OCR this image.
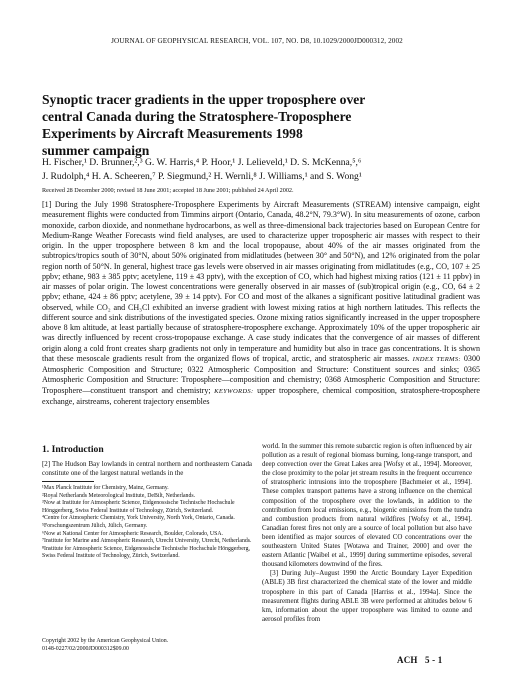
JOURNAL OF GEOPHYSICAL RESEARCH, VOL. 107, NO. D8, 10.1029/2000JD000312, 2002
Synoptic tracer gradients in the upper troposphere over
central Canada during the Stratosphere-Troposphere
Experiments by Aircraft Measurements 1998
summer campaign
H. Fischer,¹ D. Brunner,²,³ G. W. Harris,⁴ P. Hoor,¹ J. Lelieveld,¹ D. S. McKenna,⁵,⁶
J. Rudolph,⁴ H. A. Scheeren,⁷ P. Siegmund,² H. Wernli,⁸ J. Williams,¹ and S. Wong¹
Received 28 December 2000; revised 18 June 2001; accepted 18 June 2001; published 24 April 2002.
[1] During the July 1998 Stratosphere-Troposphere Experiments by Aircraft Measurements (STREAM) intensive campaign, eight measurement flights were conducted from Timmins airport (Ontario, Canada, 48.2°N, 79.3°W). In situ measurements of ozone, carbon monoxide, carbon dioxide, and nonmethane hydrocarbons, as well as three-dimensional back trajectories based on European Centre for Medium-Range Weather Forecasts wind field analyses, are used to characterize upper tropospheric air masses with respect to their origin. In the upper troposphere between 8 km and the local tropopause, about 40% of the air masses originated from the subtropics/tropics south of 30°N, about 50% originated from midlatitudes (between 30° and 50°N), and 12% originated from the polar region north of 50°N. In general, highest trace gas levels were observed in air masses originating from midlatitudes (e.g., CO, 107 ± 25 ppbv; ethane, 983 ± 385 pptv; acetylene, 119 ± 43 pptv), with the exception of CO, which had highest mixing ratios (121 ± 11 ppbv) in air masses of polar origin. The lowest concentrations were generally observed in air masses of (sub)tropical origin (e.g., CO, 64 ± 2 ppbv; ethane, 424 ± 86 pptv; acetylene, 39 ± 14 pptv). For CO and most of the alkanes a significant positive latitudinal gradient was observed, while CO₂ and CH₃Cl exhibited an inverse gradient with lowest mixing ratios at high northern latitudes. This reflects the different source and sink distributions of the investigated species. Ozone mixing ratios significantly increased in the upper troposphere above 8 km altitude, at least partially because of stratosphere-troposphere exchange. Approximately 10% of the upper tropospheric air was directly influenced by recent cross-tropopause exchange. A case study indicates that the convergence of air masses of different origin along a cold front creates sharp gradients not only in temperature and humidity but also in trace gas concentrations. It is shown that these mesoscale gradients result from the organized flows of tropical, arctic, and stratospheric air masses. INDEX TERMS: 0300 Atmospheric Composition and Structure; 0322 Atmospheric Composition and Structure: Constituent sources and sinks; 0365 Atmospheric Composition and Structure: Troposphere—composition and chemistry; 0368 Atmospheric Composition and Structure: Troposphere—constituent transport and chemistry; KEYWORDS: upper troposphere, chemical composition, stratosphere-troposphere exchange, airstreams, coherent trajectory ensembles
1. Introduction
[2] The Hudson Bay lowlands in central northern and northeastern Canada constitute one of the largest natural wetlands in the
¹Max Planck Institute for Chemistry, Mainz, Germany.
²Royal Netherlands Meteorological Institute, DeBilt, Netherlands.
³Now at Institute for Atmospheric Science, Eidgenossische Technische Hochschule Hönggerberg, Swiss Federal Institute of Technology, Zürich, Switzerland.
⁴Centre for Atmospheric Chemistry, York University, North York, Ontario, Canada.
⁵Forschungszentrum Jülich, Jülich, Germany.
⁶Now at National Center for Atmospheric Research, Boulder, Colorado, USA.
⁷Institute for Marine and Atmospheric Research, Utrecht University, Utrecht, Netherlands.
⁸Institute for Atmospheric Science, Eidgenossische Technische Hochschule Hönggerberg, Swiss Federal Institute of Technology, Zürich, Switzerland.
Copyright 2002 by the American Geophysical Union.
0148-0227/02/2000JD000312$09.00
world. In the summer this remote subarctic region is often influenced by air pollution as a result of regional biomass burning, long-range transport, and deep convection over the Great Lakes area [Wofsy et al., 1994]. Moreover, the close proximity to the polar jet stream results in the frequent occurrence of stratospheric intrusions into the troposphere [Bachmeier et al., 1994]. These complex transport patterns have a strong influence on the chemical composition of the troposphere over the lowlands, in addition to the contribution from local emissions, e.g., biogenic emissions from the tundra and combustion products from natural wildfires [Wofsy et al., 1994]. Canadian forest fires not only are a source of local pollution but also have been identified as major sources of elevated CO concentrations over the southeastern United States [Wotawa and Trainer, 2000] and over the eastern Atlantic [Waibel et al., 1999] during summertime episodes, several thousand kilometers downwind of the fires.
[3] During July–August 1990 the Arctic Boundary Layer Expedition (ABLE) 3B first characterized the chemical state of the lower and middle troposphere in this part of Canada [Harriss et al., 1994a]. Since the measurement flights during ABLE 3B were performed at altitudes below 6 km, information about the upper troposphere was limited to ozone and aerosol profiles from
ACH   5 - 1
